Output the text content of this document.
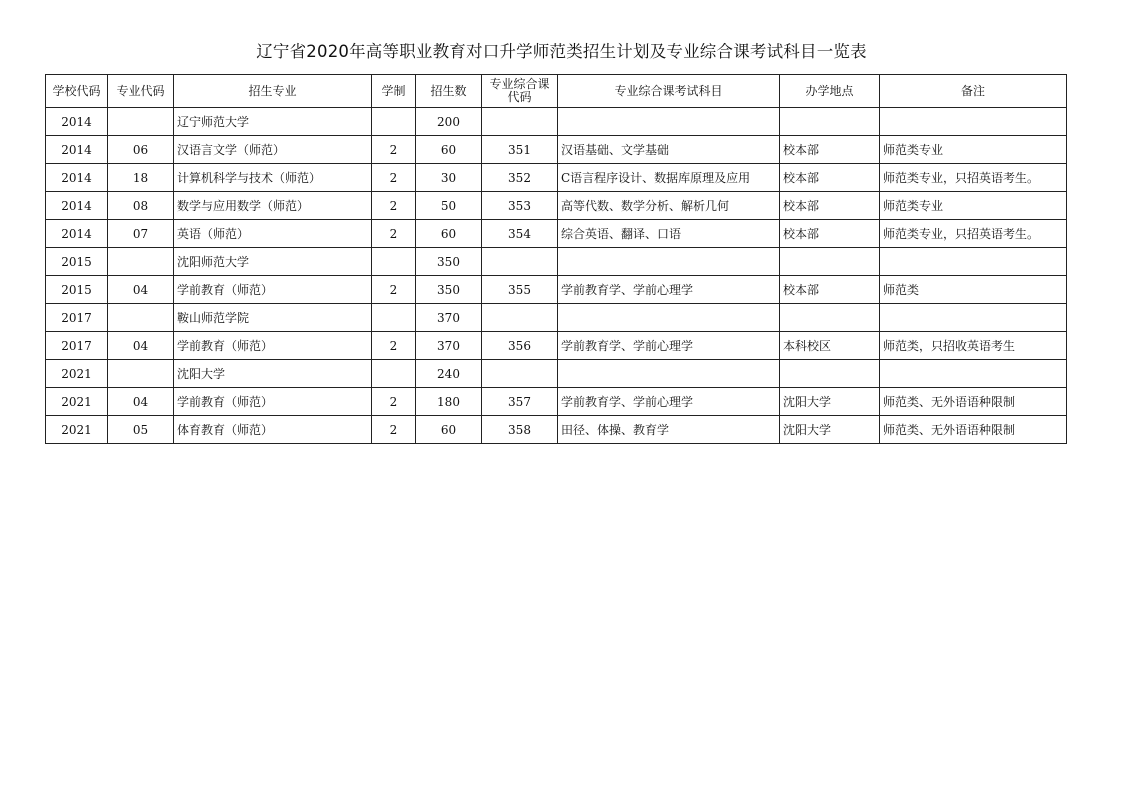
辽宁省2020年高等职业教育对口升学师范类招生计划及专业综合课考试科目一览表
学校代码	专业代码	招生专业	学制	招生数	专业综合课代码	专业综合课考试科目	办学地点	备注
2014		辽宁师范大学		200				
2014	06	汉语言文学（师范）	2	60	351	汉语基础、文学基础	校本部	师范类专业
2014	18	计算机科学与技术（师范）	2	30	352	C语言程序设计、数据库原理及应用	校本部	师范类专业，只招英语考生。
2014	08	数学与应用数学（师范）	2	50	353	高等代数、数学分析、解析几何	校本部	师范类专业
2014	07	英语（师范）	2	60	354	综合英语、翻译、口语	校本部	师范类专业，只招英语考生。
2015		沈阳师范大学		350				
2015	04	学前教育（师范）	2	350	355	学前教育学、学前心理学	校本部	师范类
2017		鞍山师范学院		370				
2017	04	学前教育（师范）	2	370	356	学前教育学、学前心理学	本科校区	师范类，只招收英语考生
2021		沈阳大学		240				
2021	04	学前教育（师范）	2	180	357	学前教育学、学前心理学	沈阳大学	师范类、无外语语种限制
2021	05	体育教育（师范）	2	60	358	田径、体操、教育学	沈阳大学	师范类、无外语语种限制
